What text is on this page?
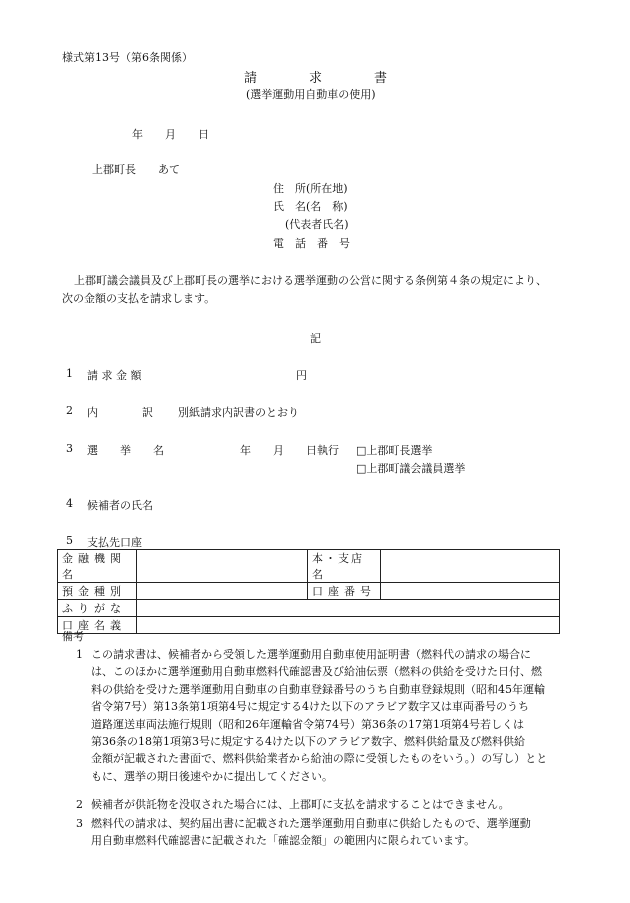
様式第13号（第6条関係）
請　　　　求　　　　書
(選挙運動用自動車の使用)
年　　月　　日
上郡町長　　あて
住　所(所在地)
氏　名(名　称)
(代表者氏名)
電　話　番　号
上郡町議会議員及び上郡町長の選挙における選挙運動の公営に関する条例第４条の規定により、
次の金額の支払を請求します。
記
1 請 求 金 額	円
2 内　　　　訳 別紙請求内訳書のとおり
3 選　　挙　　名	年　　月　　日執行 □上郡町長選挙
□上郡町議会議員選挙
4 候補者の氏名
5 支払先口座
金融機関名		本・支店名	
預金種別		口座番号	
ふりがな			
口座名義			
備考
1 この請求書は、候補者から受領した選挙運動用自動車使用証明書（燃料代の請求の場合に
は、このほかに選挙運動用自動車燃料代確認書及び給油伝票（燃料の供給を受けた日付、燃
料の供給を受けた選挙運動用自動車の自動車登録番号のうち自動車登録規則（昭和45年運輸
省令第7号）第13条第1項第4号に規定する4けた以下のアラビア数字又は車両番号のうち
道路運送車両法施行規則（昭和26年運輸省令第74号）第36条の17第1項第4号若しくは
第36条の18第1項第3号に規定する4けた以下のアラビア数字、燃料供給量及び燃料供給
金額が記載された書面で、燃料供給業者から給油の際に受領したものをいう。）の写し）とと
もに、選挙の期日後速やかに提出してください。
2 候補者が供託物を没収された場合には、上郡町に支払を請求することはできません。
3 燃料代の請求は、契約届出書に記載された選挙運動用自動車に供給したもので、選挙運動
用自動車燃料代確認書に記載された「確認金額」の範囲内に限られています。
